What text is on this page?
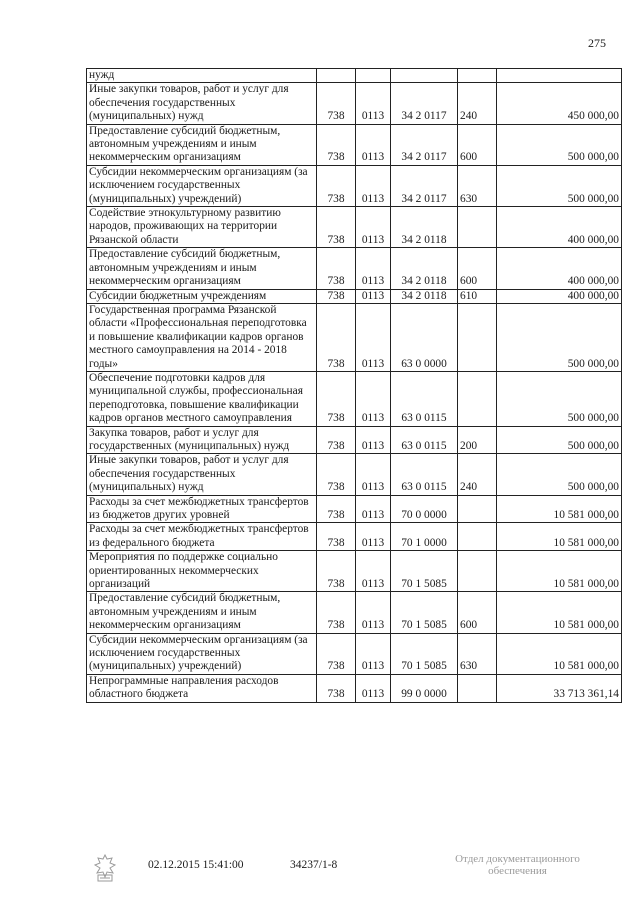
275
нужд					
Иные закупки товаров, работ и услуг для обеспечения государственных (муниципальных) нужд	738	0113	34 2 0117	240	450 000,00
Предоставление субсидий бюджетным, автономным учреждениям и иным некоммерческим организациям	738	0113	34 2 0117	600	500 000,00
Субсидии некоммерческим организациям (за исключением государственных (муниципальных) учреждений)	738	0113	34 2 0117	630	500 000,00
Содействие этнокультурному развитию народов, проживающих на территории Рязанской области	738	0113	34 2 0118		400 000,00
Предоставление субсидий бюджетным, автономным учреждениям и иным некоммерческим организациям	738	0113	34 2 0118	600	400 000,00
Субсидии бюджетным учреждениям	738	0113	34 2 0118	610	400 000,00
Государственная программа Рязанской области «Профессиональная переподготовка и повышение квалификации кадров органов местного самоуправления на 2014 - 2018 годы»	738	0113	63 0 0000		500 000,00
Обеспечение подготовки кадров для муниципальной службы, профессиональная переподготовка, повышение квалификации кадров органов местного самоуправления	738	0113	63 0 0115		500 000,00
Закупка товаров, работ и услуг для государственных (муниципальных) нужд	738	0113	63 0 0115	200	500 000,00
Иные закупки товаров, работ и услуг для обеспечения государственных (муниципальных) нужд	738	0113	63 0 0115	240	500 000,00
Расходы за счет межбюджетных трансфертов из бюджетов других уровней	738	0113	70 0 0000		10 581 000,00
Расходы за счет межбюджетных трансфертов из федерального бюджета	738	0113	70 1 0000		10 581 000,00
Мероприятия по поддержке социально ориентированных некоммерческих организаций	738	0113	70 1 5085		10 581 000,00
Предоставление субсидий бюджетным, автономным учреждениям и иным некоммерческим организациям	738	0113	70 1 5085	600	10 581 000,00
Субсидии некоммерческим организациям (за исключением государственных (муниципальных) учреждений)	738	0113	70 1 5085	630	10 581 000,00
Непрограммные направления расходов областного бюджета	738	0113	99 0 0000		33 713 361,14
02.12.2015 15:41:00	34237/1-8	Отдел документационного
обеспечения
